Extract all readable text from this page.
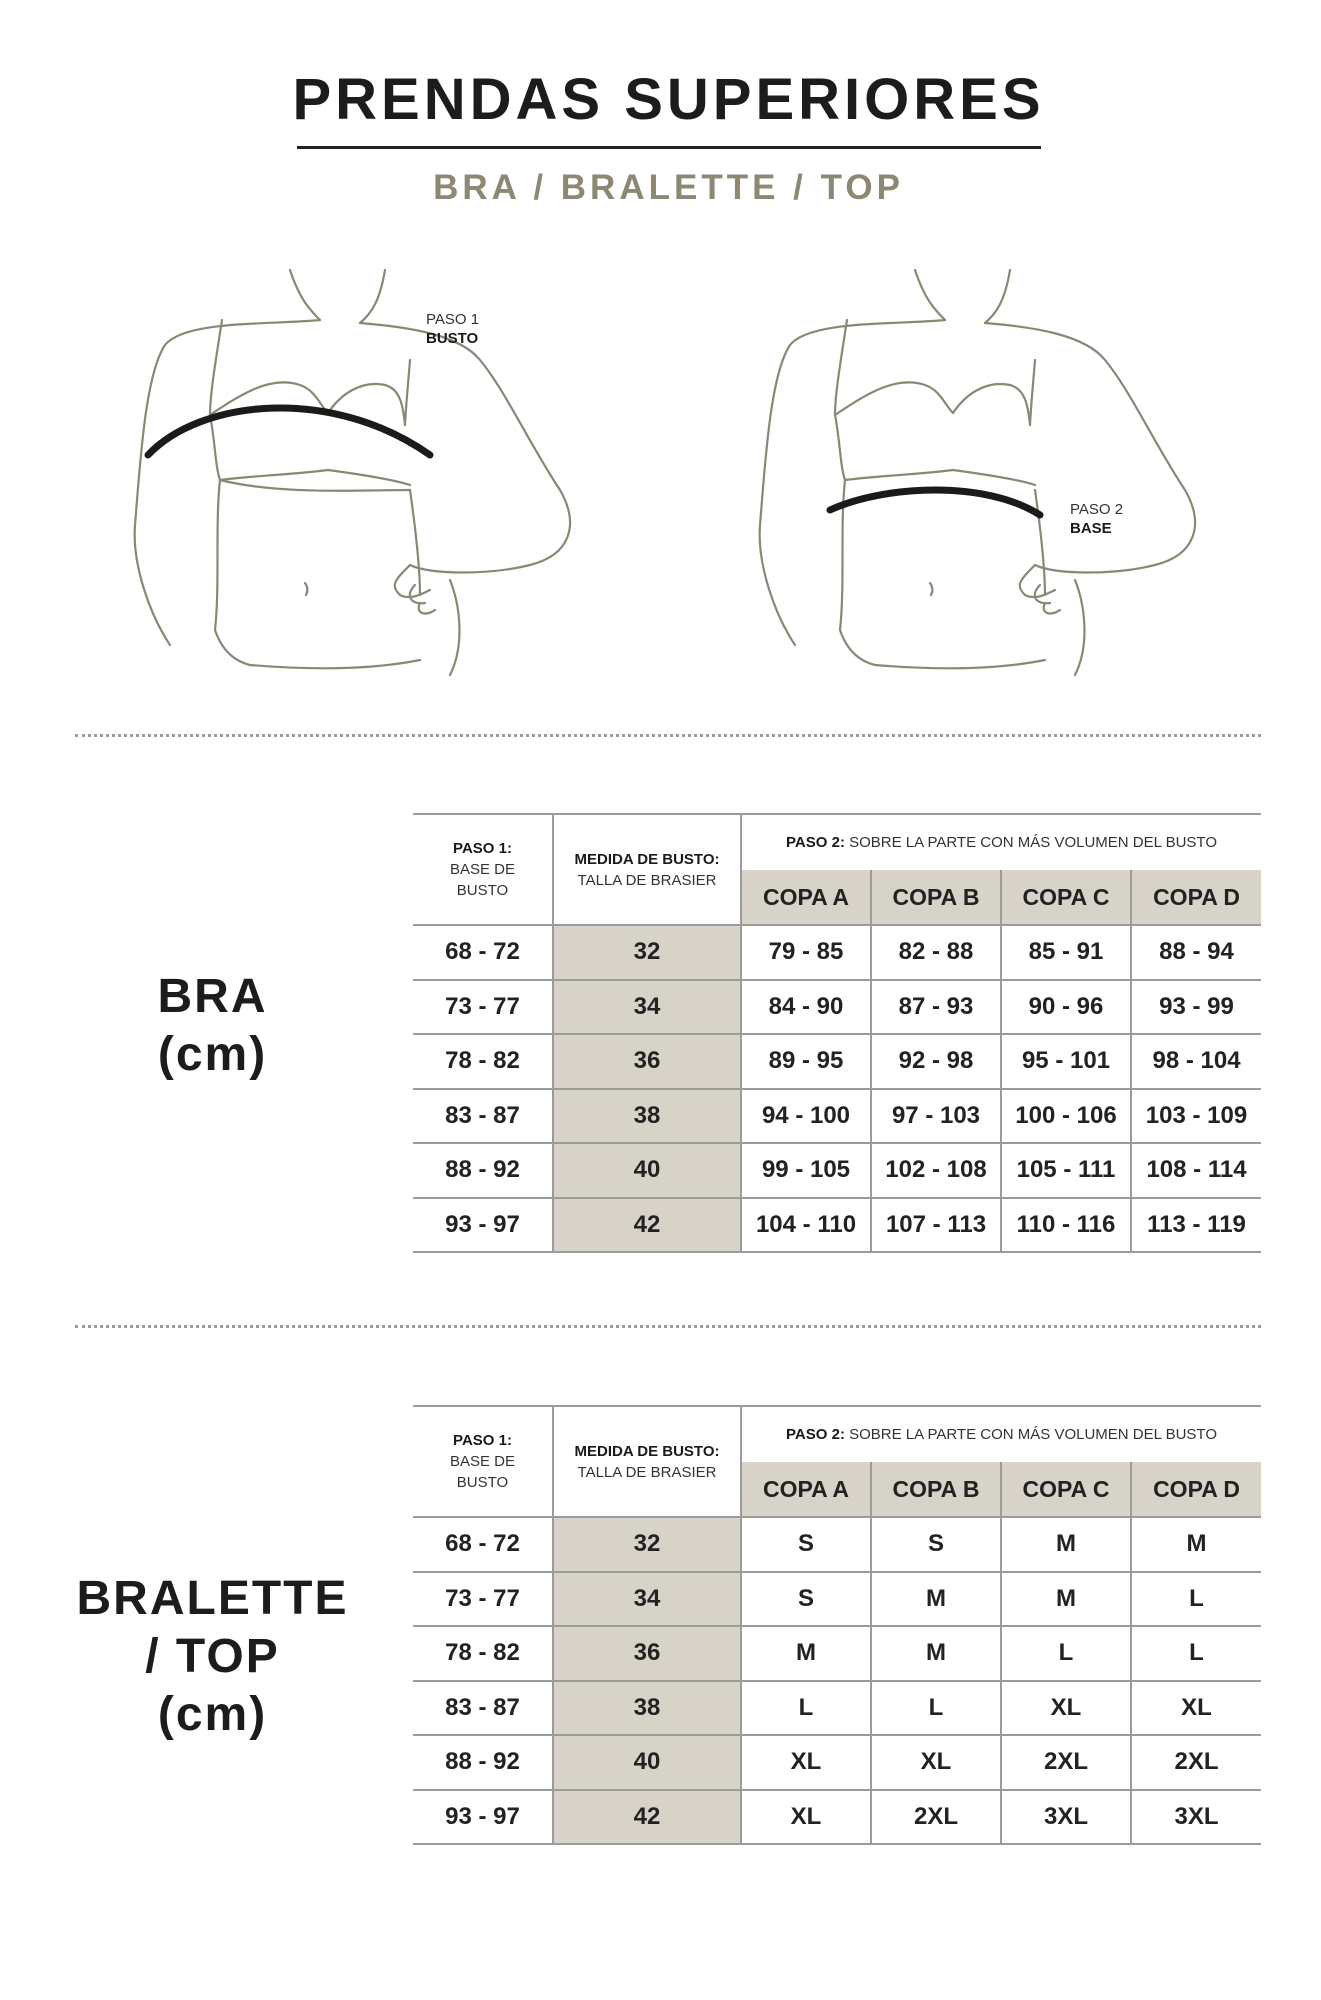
PRENDAS SUPERIORES
BRA / BRALETTE / TOP
PASO 1
BUSTO
PASO 2
BASE
BRA
(cm)
PASO 1:
BASE DE
BUSTO	MEDIDA DE BUSTO:
TALLA DE BRASIER	PASO 2: SOBRE LA PARTE CON MÁS VOLUMEN DEL BUSTO			

		COPA A	COPA B	COPA C	COPA D
68 - 72	32	79 - 85	82 - 88	85 - 91	88 - 94
73 - 77	34	84 - 90	87 - 93	90 - 96	93 - 99
78 - 82	36	89 - 95	92 - 98	95 - 101	98 - 104
83 - 87	38	94 - 100	97 - 103	100 - 106	103 - 109
88 - 92	40	99 - 105	102 - 108	105 - 111	108 - 114
93 - 97	42	104 - 110	107 - 113	110 - 116	113 - 119
BRALETTE
/ TOP
(cm)
PASO 1:
BASE DE
BUSTO	MEDIDA DE BUSTO:
TALLA DE BRASIER	PASO 2: SOBRE LA PARTE CON MÁS VOLUMEN DEL BUSTO			

		COPA A	COPA B	COPA C	COPA D
68 - 72	32	S	S	M	M
73 - 77	34	S	M	M	L
78 - 82	36	M	M	L	L
83 - 87	38	L	L	XL	XL
88 - 92	40	XL	XL	2XL	2XL
93 - 97	42	XL	2XL	3XL	3XL
